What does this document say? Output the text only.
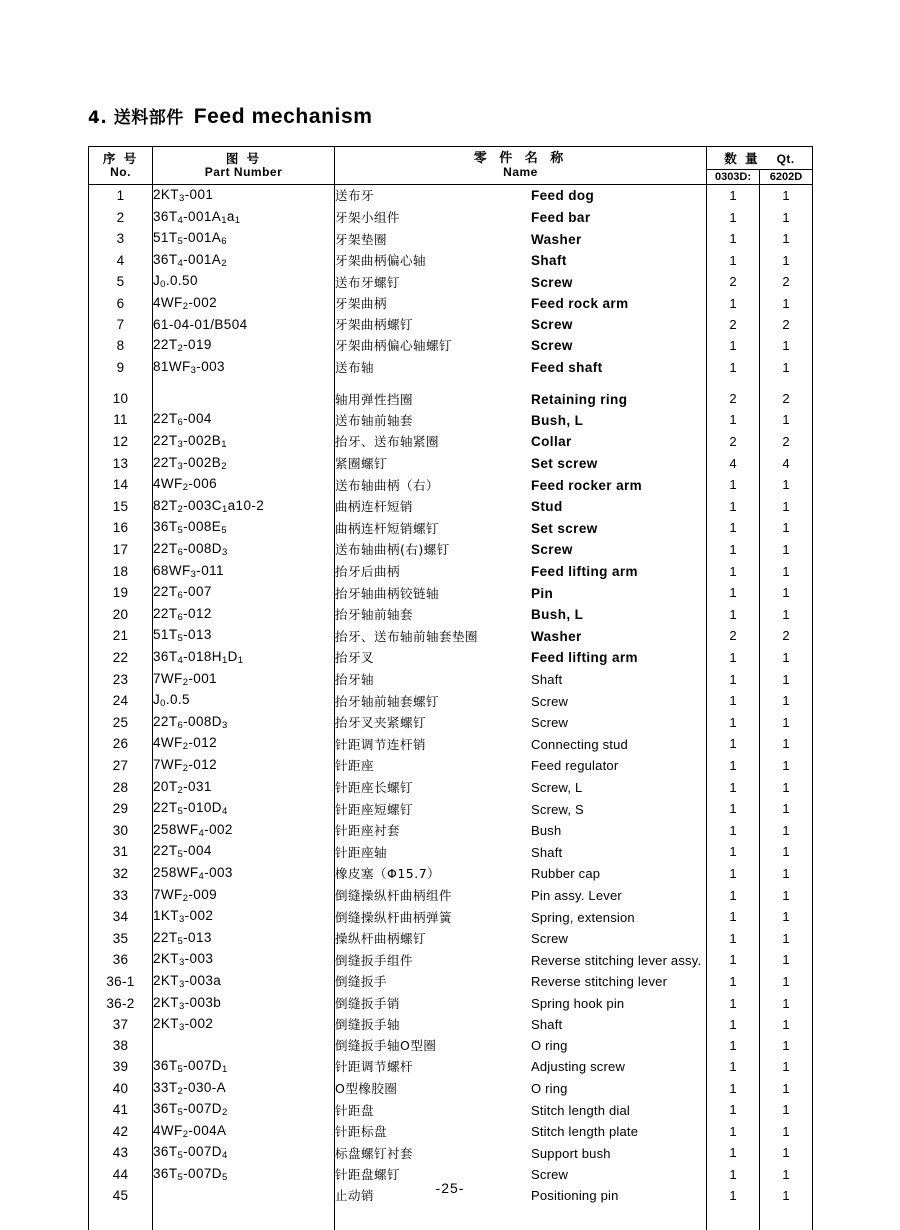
4. 送料部件 Feed mechanism
序 号
No.

图 号
Part Number

零 件 名 称
Name

数 量 Qt.
0303D:	6202D

1	$2KT_3-001$	送布牙 Feed dog	1	1
2	$36T_4-001A_1a_1$	牙架小组件 Feed bar	1	1
3	$51T_5-001A_6$	牙架垫圈 Washer	1	1
4	$36T_4-001A_2$	牙架曲柄偏心轴 Shaft	1	1
5	$J_0.0.50$	送布牙螺钉 Screw	2	2
6	$4WF_2-002$	牙架曲柄 Feed rock arm	1	1
7	61-04-01/B504	牙架曲柄螺钉 Screw	2	2
8	$22T_2-019$	牙架曲柄偏心轴螺钉 Screw	1	1
9	$81WF_3-003$	送布轴 Feed shaft	1	1

10		轴用弹性挡圈 Retaining ring	2	2
11	$22T_6-004$	送布轴前轴套 Bush, L	1	1
12	$22T_3-002B_1$	抬牙、送布轴紧圈 Collar	2	2
13	$22T_3-002B_2$	紧圈螺钉 Set screw	4	4
14	$4WF_2-006$	送布轴曲柄（右） Feed rocker arm	1	1
15	$82T_2-003C_1a10-2$	曲柄连杆短销 Stud	1	1
16	$36T_5-008E_5$	曲柄连杆短销螺钉 Set screw	1	1
17	$22T_6-008D_3$	送布轴曲柄(右)螺钉 Screw	1	1
18	$68WF_3-011$	抬牙后曲柄 Feed lifting arm	1	1
19	$22T_6-007$	抬牙轴曲柄铰链轴 Pin	1	1
20	$22T_6-012$	抬牙轴前轴套 Bush, L	1	1
21	$51T_5-013$	抬牙、送布轴前轴套垫圈 Washer	2	2
22	$36T_4-018H_1D_1$	抬牙叉 Feed lifting arm	1	1
23	$7WF_2-001$	抬牙轴 Shaft	1	1
24	$J_0.0.5$	抬牙轴前轴套螺钉 Screw	1	1
25	$22T_6-008D_3$	抬牙叉夹紧螺钉 Screw	1	1
26	$4WF_2-012$	针距调节连杆销 Connecting stud	1	1
27	$7WF_2-012$	针距座 Feed regulator	1	1
28	$20T_2-031$	针距座长螺钉 Screw, L	1	1
29	$22T_5-010D_4$	针距座短螺钉 Screw, S	1	1
30	$258WF_4-002$	针距座衬套 Bush	1	1
31	$22T_5-004$	针距座轴 Shaft	1	1
32	$258WF_4-003$	橡皮塞（Φ15.7） Rubber cap	1	1
33	$7WF_2-009$	倒缝操纵杆曲柄组件 Pin assy. Lever	1	1
34	$1KT_3-002$	倒缝操纵杆曲柄弹簧 Spring, extension	1	1
35	$22T_5-013$	操纵杆曲柄螺钉 Screw	1	1
36	$2KT_3-003$	倒缝扳手组件 Reverse stitching lever assy.	1	1
36-1	$2KT_3-003a$	倒缝扳手 Reverse stitching lever	1	1
36-2	$2KT_3-003b$	倒缝扳手销 Spring hook pin	1	1
37	$2KT_3-002$	倒缝扳手轴 Shaft	1	1
38		倒缝扳手轴O型圈 O ring	1	1
39	$36T_5-007D_1$	针距调节螺杆 Adjusting screw	1	1
40	$33T_2-030-A$	O型橡胶圈 O ring	1	1
41	$36T_5-007D_2$	针距盘 Stitch length dial	1	1
42	$4WF_2-004A$	针距标盘 Stitch length plate	1	1
43	$36T_5-007D_4$	标盘螺钉衬套 Support bush	1	1
44	$36T_5-007D_5$	针距盘螺钉 Screw	1	1
45		止动销 Positioning pin	1	1

-25-
